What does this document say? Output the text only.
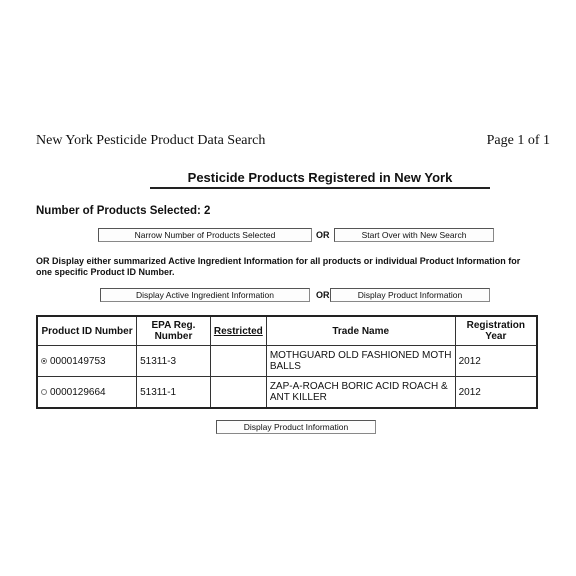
New York Pesticide Product Data Search	Page 1 of 1
Pesticide Products Registered in New York
Number of Products Selected: 2
Narrow Number of Products Selected	OR	Start Over with New Search
OR Display either summarized Active Ingredient Information for all products or individual Product Information for one specific Product ID Number.
Display Active Ingredient Information	OR	Display Product Information
Product ID Number	EPA Reg. Number	Restricted	Trade Name	Registration Year
0000149753	51311-3		MOTHGUARD OLD FASHIONED MOTH BALLS	2012
0000129664	51311-1		ZAP-A-ROACH BORIC ACID ROACH & ANT KILLER	2012
Display Product Information
